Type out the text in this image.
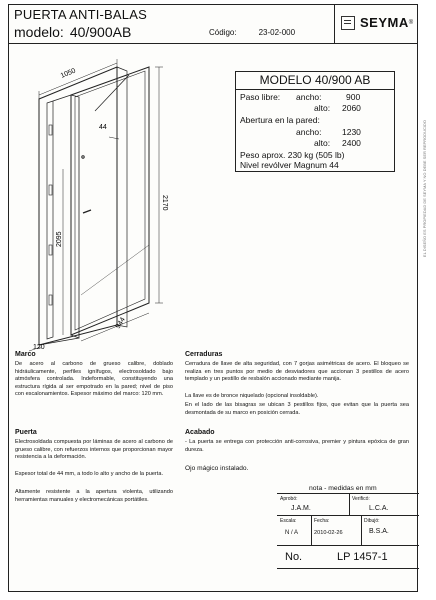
PUERTA ANTI-BALAS
modelo: 40/900AB	Código:	23-02-000
SEYMA ®
1050
2170
2095
944
44
120
MODELO 40/900 AB
Paso libre: ancho:	900
alto: 2060
Abertura en la pared:
ancho: 1230
alto: 2400
Peso aprox. 230 kg (505 lb)
Nivel revólver Magnum 44
Marco
De acero al carbono de grueso calibre, doblado hidráulicamente, perfiles ignífugos, electrosoldado bajo atmósfera controlada. Indeformable, constituyendo una estructura rígida al ser empotrado en la pared; nivel de piso con escalonamientos. Espesor máximo del marco: 120 mm.
Puerta
Electrosoldada compuesta por láminas de acero al carbono de grueso calibre, con refuerzos internos que proporcionan mayor resistencia a la deformación.
Espesor total de 44 mm, a todo lo alto y ancho de la puerta.
Altamente resistente a la apertura violenta, utilizando herramientas manuales y electromecánicas portátiles.
Cerraduras
Cerradura de llave de alta seguridad, con 7 gorjas asimétricas de acero. El bloqueo se realiza en tres puntos por medio de desviadores que accionan 3 pestillos de acero templado y un pestillo de resbalón accionado mediante manija.
La llave es de bronce niquelado (opcional insoldable).
En el lado de las bisagras se ubican 3 pestillos fijos, que evitan que la puerta sea desmontada de su marco en posición cerrada.
Acabado
- La puerta se entrega con protección anti-corrosiva, premier y pintura epóxica de gran dureza.
Ojo mágico instalado.
nota - medidas en mm
Aprobó:
J.A.M.
Verificó:
L.C.A.
Escala:
N / A
Fecha:
2010-02-26
Dibujó:
B.S.A.
No.	LP 1457-1
EL DISEÑO ES PROPIEDAD DE SEYMA Y NO DEBE SER REPRODUCIDO
